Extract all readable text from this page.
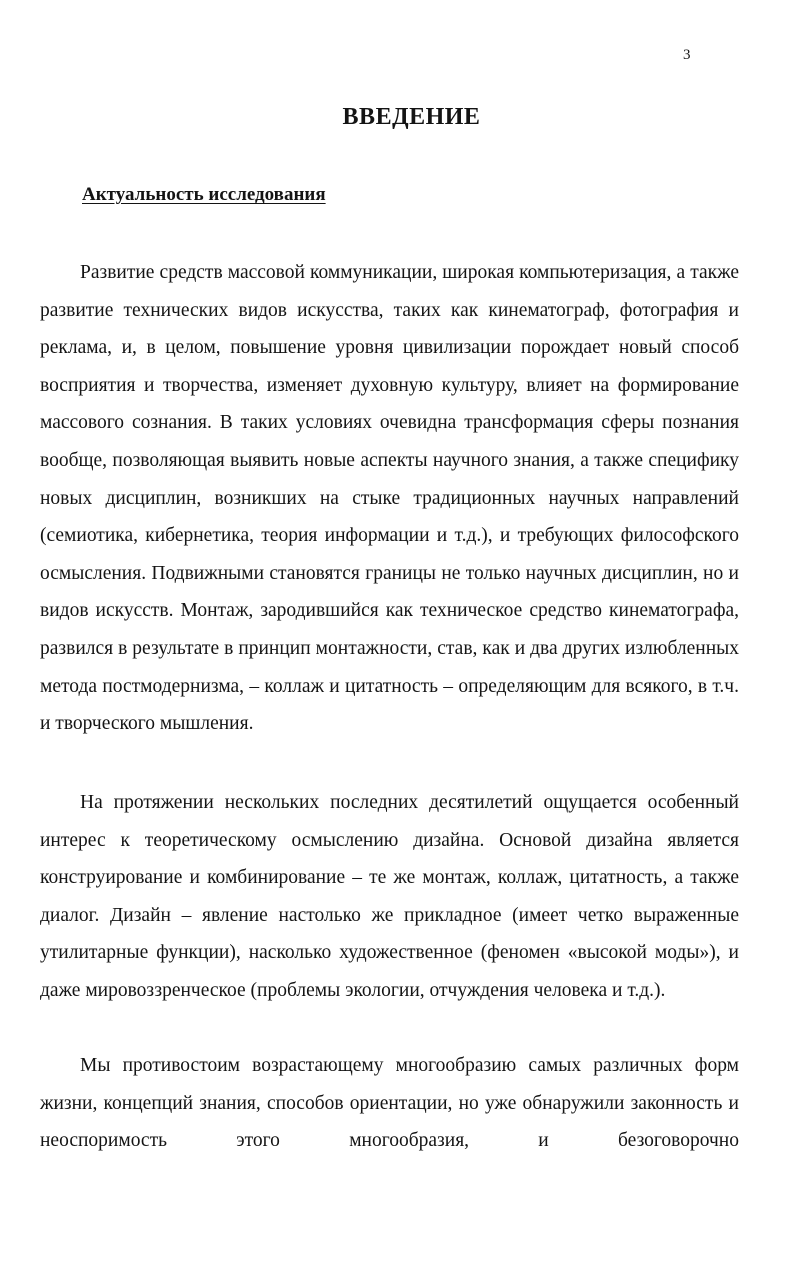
3
ВВЕДЕНИЕ
Актуальность исследования

Развитие средств массовой коммуникации, широкая компьютеризация, а также развитие технических видов искусства, таких как кинематограф, фотография и реклама, и, в целом, повышение уровня цивилизации порождает новый способ восприятия и творчества, изменяет духовную культуру, влияет на формирование массового сознания. В таких условиях очевидна трансформация сферы познания вообще, позволяющая выявить новые аспекты научного знания, а также специфику новых дисциплин, возникших на стыке традиционных научных направлений (семиотика, кибернетика, теория информации и т.д.), и требующих философского осмысления. Подвижными становятся границы не только научных дисциплин, но и видов искусств. Монтаж, зародившийся как техническое средство кинематографа, развился в результате в принцип монтажности, став, как и два других излюбленных метода постмодернизма, – коллаж и цитатность – определяющим для всякого, в т.ч. и творческого мышления.

На протяжении нескольких последних десятилетий ощущается особенный интерес к теоретическому осмыслению дизайна. Основой дизайна является конструирование и комбинирование – те же монтаж, коллаж, цитатность, а также диалог. Дизайн – явление настолько же прикладное (имеет четко выраженные утилитарные функции), насколько художественное (феномен «высокой моды»), и даже мировоззренческое (проблемы экологии, отчуждения человека и т.д.).

Мы противостоим возрастающему многообразию самых различных форм жизни, концепций знания, способов ориентации, но уже обнаружили законность и неоспоримость этого многообразия, и безоговорочно
